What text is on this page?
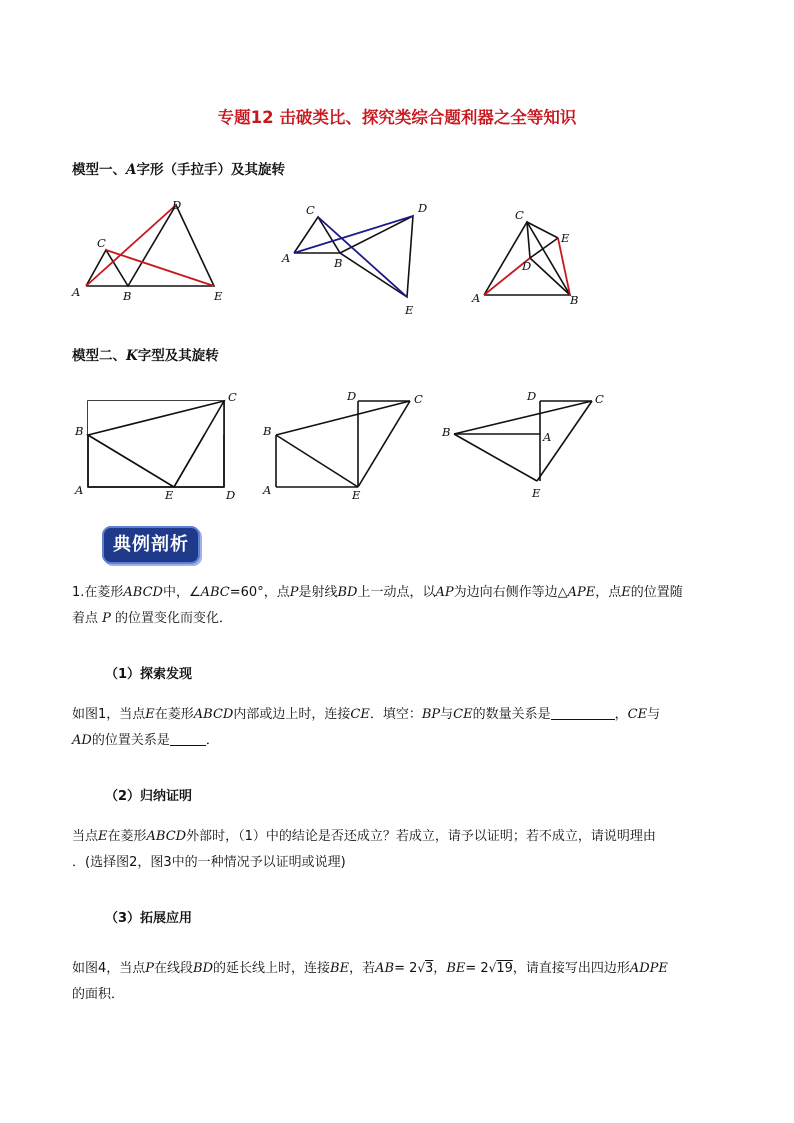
专题12 击破类比、探究类综合题利器之全等知识
模型一、A字形（手拉手）及其旋转
A	B
C
D
E
A	B
C	D
E
A	B
C
D
E
模型二、K字型及其旋转
B
A
C
E	D
B
A
D	C
E
B
D	C
A
E
典例剖析
1.在菱形ABCD中，∠ABC=60°，点P是射线BD上一动点，以AP为边向右侧作等边△APE，点E的位置随
着点 P 的位置变化而变化．
（1）探索发现
如图1，当点E在菱形ABCD内部或边上时，连接CE．填空：BP与CE的数量关系是	，CE与
AD的位置关系是	．
（2）归纳证明
当点E在菱形ABCD外部时，（1）中的结论是否还成立？若成立，请予以证明；若不成立，请说明理由
．(选择图2，图3中的一种情况予以证明或说理)
（3）拓展应用
如图4，当点P在线段BD的延长线上时，连接BE，若AB= 2√3，BE= 2√19，请直接写出四边形ADPE
的面积．
